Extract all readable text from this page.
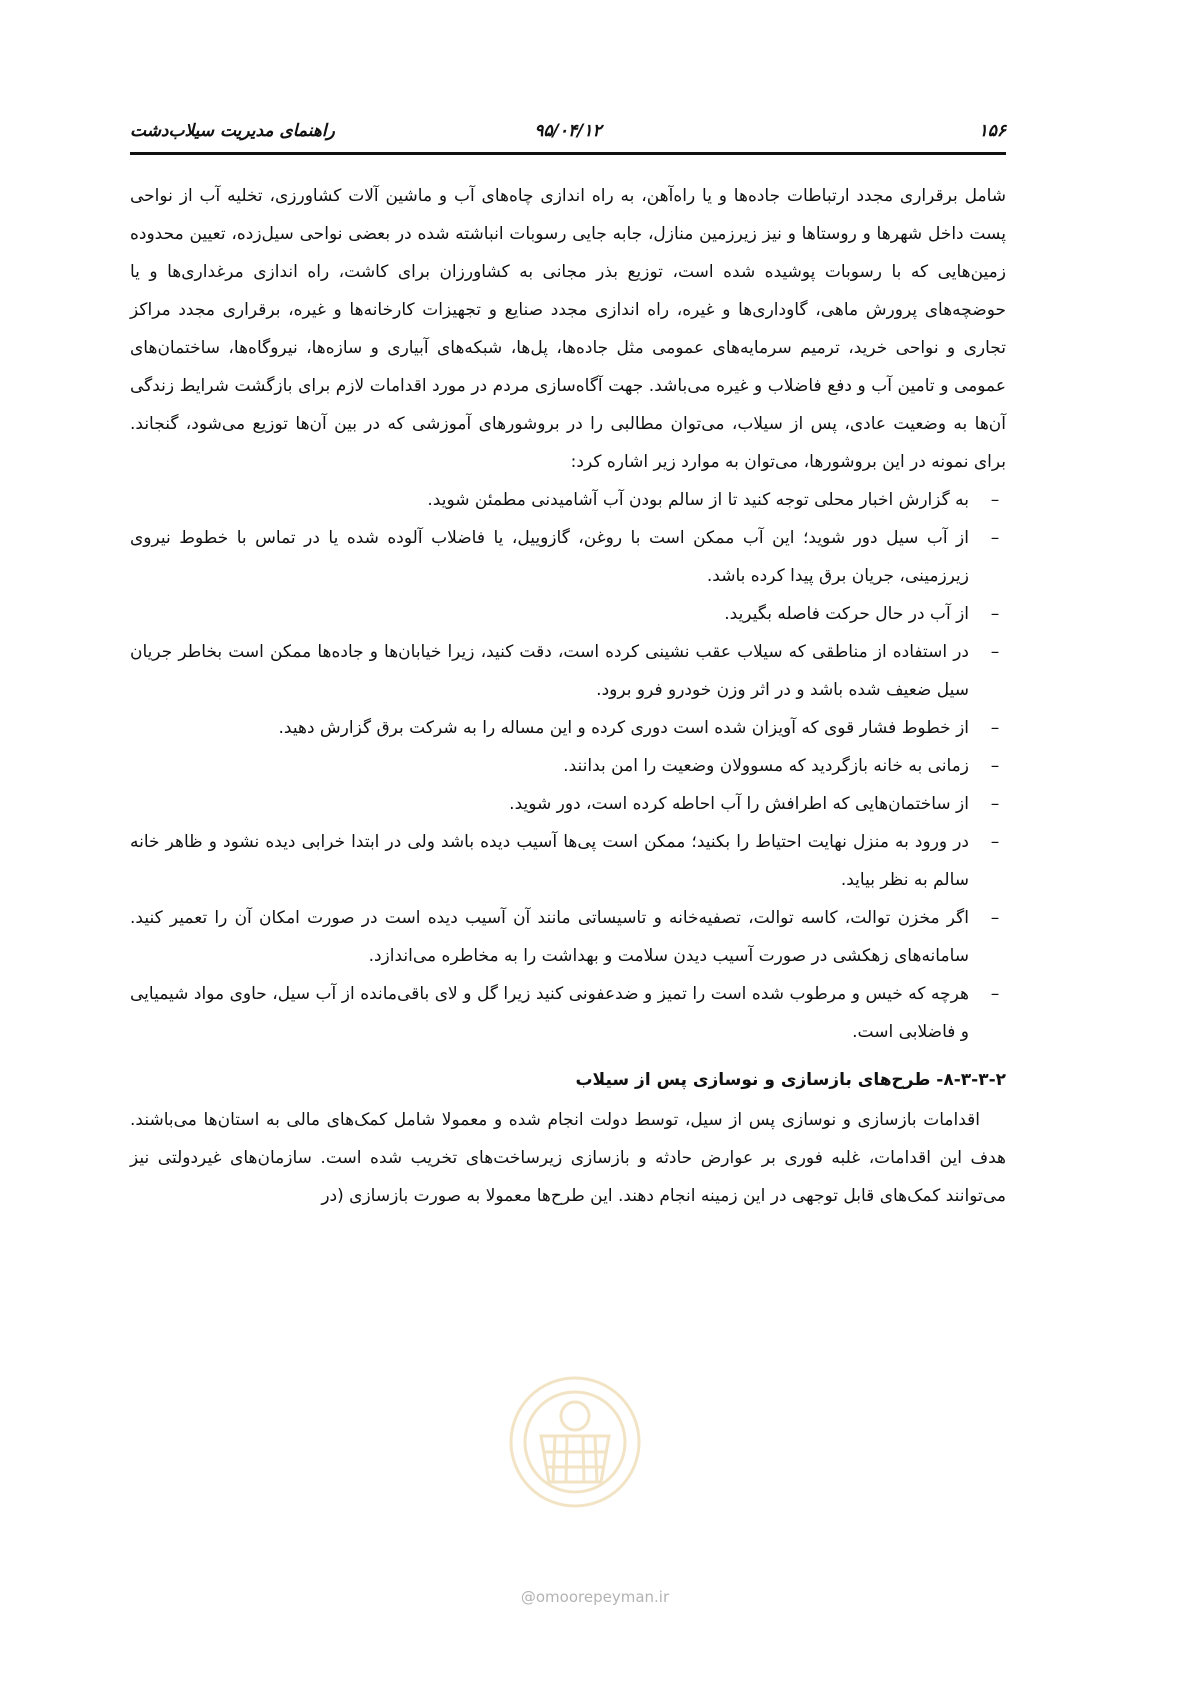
۱۵۶
۹۵/۰۴/۱۲
راهنمای مدیریت سیلاب‌دشت

شامل برقراری مجدد ارتباطات جاده‌ها و یا راه‌آهن، به راه اندازی چاه‌های آب و ماشین آلات کشاورزی، تخلیه آب از نواحی پست داخل شهرها و روستاها و نیز زیرزمین منازل، جابه جایی رسوبات انباشته شده در بعضی نواحی سیل‌زده، تعیین محدوده زمین‌هایی که با رسوبات پوشیده شده است، توزیع بذر مجانی به کشاورزان برای کاشت، راه اندازی مرغداری‌ها و یا حوضچه‌های پرورش ماهی، گاوداری‌ها و غیره، راه اندازی مجدد صنایع و تجهیزات کارخانه‌ها و غیره، برقراری مجدد مراکز تجاری و نواحی خرید، ترمیم سرمایه‌های عمومی مثل جاده‌ها، پل‌ها، شبکه‌های آبیاری و سازه‌ها، نیروگاه‌ها، ساختمان‌های عمومی و تامین آب و دفع فاضلاب و غیره می‌باشد. جهت آگاه‌سازی مردم در مورد اقدامات لازم برای بازگشت شرایط زندگی آن‌ها به وضعیت عادی، پس از سیلاب، می‌توان مطالبی را در بروشورهای آموزشی که در بین آن‌ها توزیع می‌شود، گنجاند. برای نمونه در این بروشورها، می‌توان به موارد زیر اشاره کرد:

– به گزارش اخبار محلی توجه کنید تا از سالم بودن آب آشامیدنی مطمئن شوید.
– از آب سیل دور شوید؛ این آب ممکن است با روغن، گازوییل، یا فاضلاب آلوده شده یا در تماس با خطوط نیروی زیرزمینی، جریان برق پیدا کرده باشد.
– از آب در حال حرکت فاصله بگیرید.
– در استفاده از مناطقی که سیلاب عقب نشینی کرده است، دقت کنید، زیرا خیابان‌ها و جاده‌ها ممکن است بخاطر جریان سیل ضعیف شده باشد و در اثر وزن خودرو فرو برود.
– از خطوط فشار قوی که آویزان شده است دوری کرده و این مساله را به شرکت برق گزارش دهید.
– زمانی به خانه بازگردید که مسوولان وضعیت را امن بدانند.
– از ساختمان‌هایی که اطرافش را آب احاطه کرده است، دور شوید.
– در ورود به منزل نهایت احتیاط را بکنید؛ ممکن است پی‌ها آسیب دیده باشد ولی در ابتدا خرابی دیده نشود و ظاهر خانه سالم به نظر بیاید.
– اگر مخزن توالت، کاسه توالت، تصفیه‌خانه و تاسیساتی مانند آن آسیب دیده است در صورت امکان آن را تعمیر کنید. سامانه‌های زهکشی در صورت آسیب دیدن سلامت و بهداشت را به مخاطره می‌اندازد.
– هرچه که خیس و مرطوب شده است را تمیز و ضدعفونی کنید زیرا گل و لای باقی‌مانده از آب سیل، حاوی مواد شیمیایی و فاضلابی است.
۸-۳-۳-۲- طرح‌های بازسازی و نوسازی پس از سیلاب

اقدامات بازسازی و نوسازی پس از سیل، توسط دولت انجام شده و معمولا شامل کمک‌های مالی به استان‌ها می‌باشند. هدف این اقدامات، غلبه فوری بر عوارض حادثه و بازسازی زیرساخت‌های تخریب شده است. سازمان‌های غیردولتی نیز می‌توانند کمک‌های قابل توجهی در این زمینه انجام دهند. این طرح‌ها معمولا به صورت بازسازی (در

@omoorepeyman.ir
